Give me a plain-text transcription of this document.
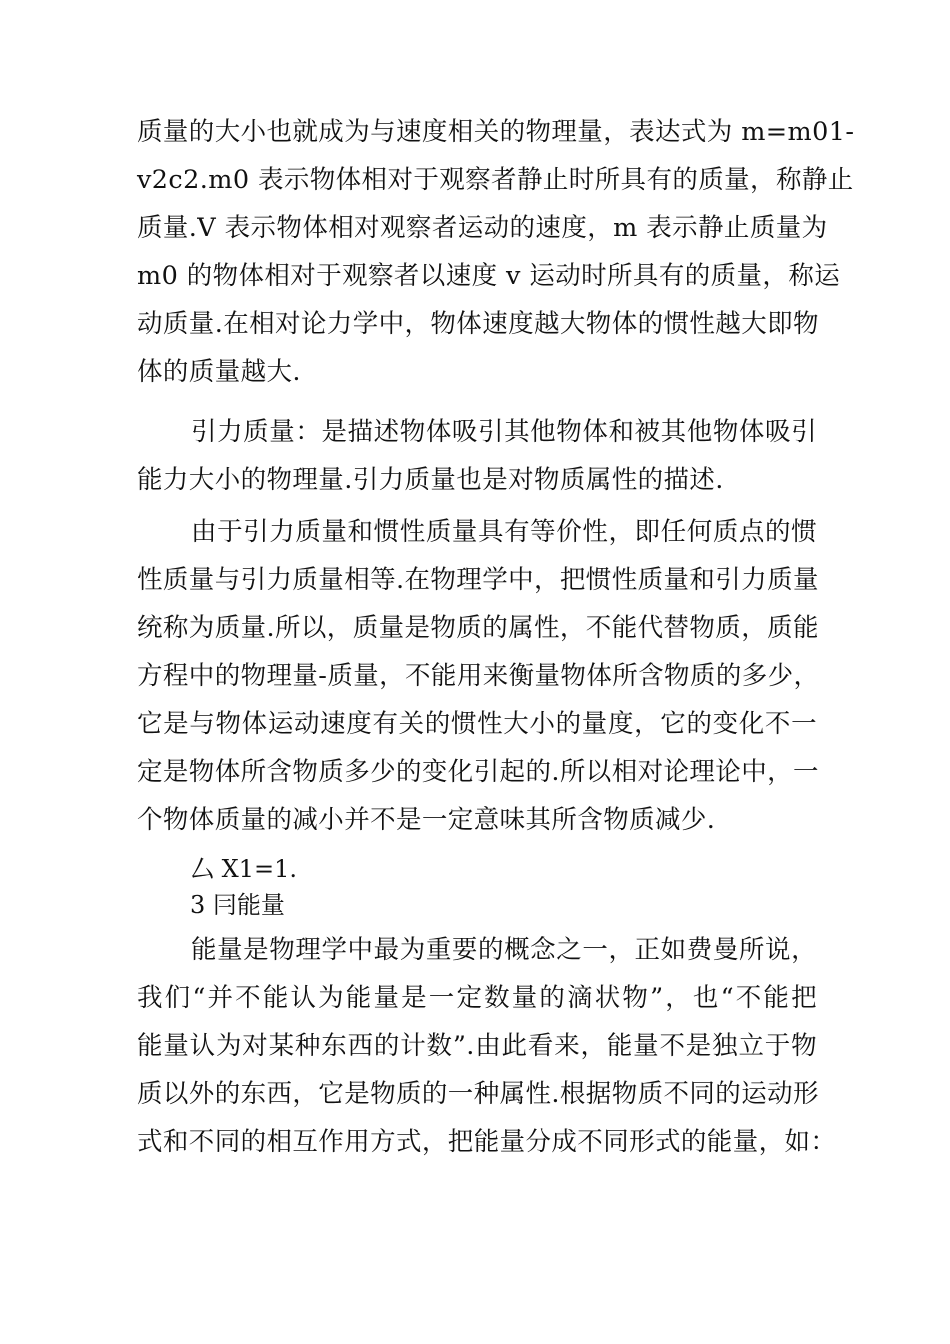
质量的大小也就成为与速度相关的物理量，表达式为 m=m01-
v2c2.m0 表示物体相对于观察者静止时所具有的质量，称静止
质量.V 表示物体相对观察者运动的速度，m 表示静止质量为
m0 的物体相对于观察者以速度 v 运动时所具有的质量，称运
动质量.在相对论力学中，物体速度越大物体的惯性越大即物
体的质量越大.
引力质量：是描述物体吸引其他物体和被其他物体吸引
能力大小的物理量.引力质量也是对物质属性的描述.
由于引力质量和惯性质量具有等价性，即任何质点的惯
性质量与引力质量相等.在物理学中，把惯性质量和引力质量
统称为质量.所以，质量是物质的属性，不能代替物质，质能
方程中的物理量-质量，不能用来衡量物体所含物质的多少，
它是与物体运动速度有关的惯性大小的量度，它的变化不一
定是物体所含物质多少的变化引起的.所以相对论理论中，一
个物体质量的减小并不是一定意味其所含物质减少.
厶 X1=1.
3 冃能量
能量是物理学中最为重要的概念之一，正如费曼所说，
我们“并不能认为能量是一定数量的滴状物”，也“不能把
能量认为对某种东西的计数”.由此看来，能量不是独立于物
质以外的东西，它是物质的一种属性.根据物质不同的运动形
式和不同的相互作用方式，把能量分成不同形式的能量，如：
